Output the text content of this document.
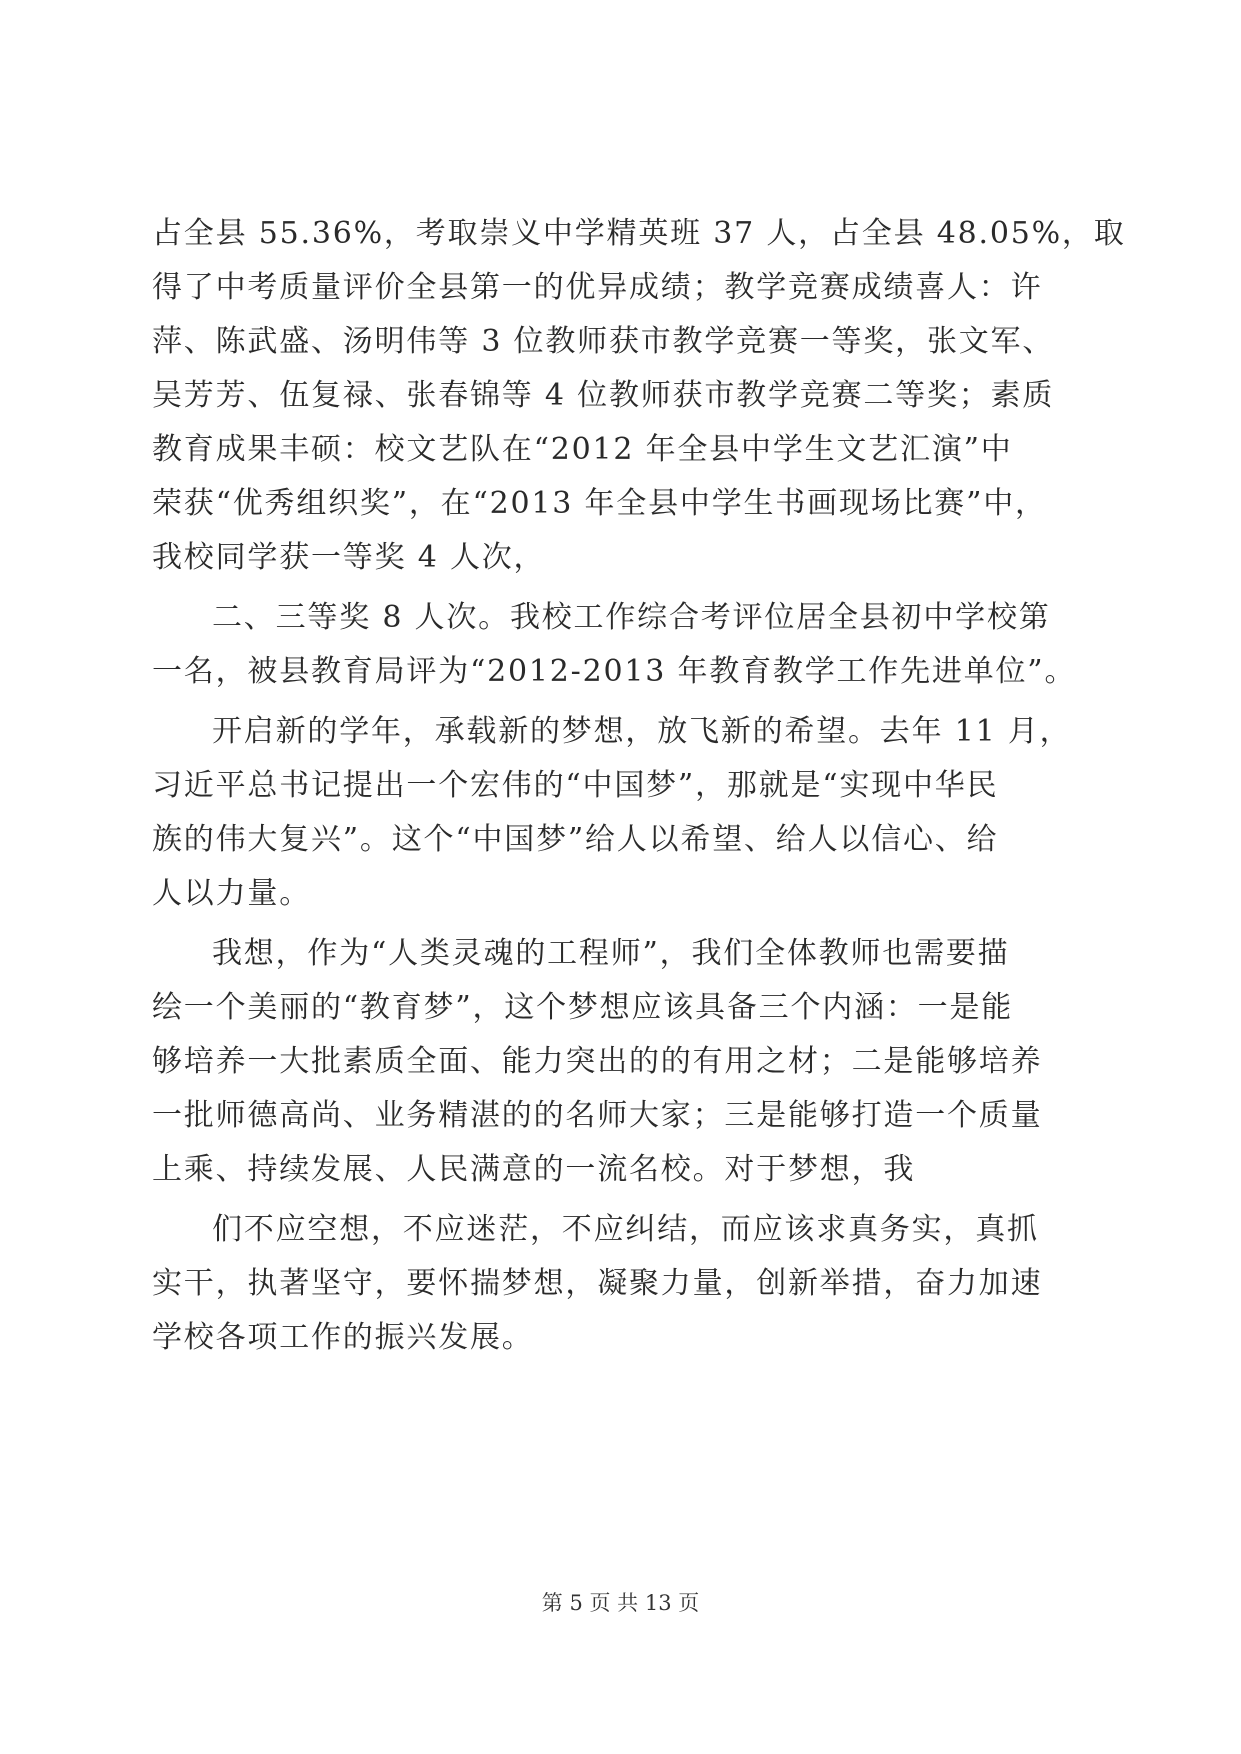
占全县 55.36%，考取崇义中学精英班 37 人，占全县 48.05%，取
得了中考质量评价全县第一的优异成绩；教学竞赛成绩喜人：许
萍、陈武盛、汤明伟等 3 位教师获市教学竞赛一等奖，张文军、
吴芳芳、伍复禄、张春锦等 4 位教师获市教学竞赛二等奖；素质
教育成果丰硕：校文艺队在“2012 年全县中学生文艺汇演”中
荣获“优秀组织奖”，在“2013 年全县中学生书画现场比赛”中，
我校同学获一等奖 4 人次，
二、三等奖 8 人次。我校工作综合考评位居全县初中学校第
一名，被县教育局评为“2012-2013 年教育教学工作先进单位”。
开启新的学年，承载新的梦想，放飞新的希望。去年 11 月，
习近平总书记提出一个宏伟的“中国梦”，那就是“实现中华民
族的伟大复兴”。这个“中国梦”给人以希望、给人以信心、给
人以力量。
我想，作为“人类灵魂的工程师”，我们全体教师也需要描
绘一个美丽的“教育梦”，这个梦想应该具备三个内涵：一是能
够培养一大批素质全面、能力突出的的有用之材；二是能够培养
一批师德高尚、业务精湛的的名师大家；三是能够打造一个质量
上乘、持续发展、人民满意的一流名校。对于梦想，我
们不应空想，不应迷茫，不应纠结，而应该求真务实，真抓
实干，执著坚守，要怀揣梦想，凝聚力量，创新举措，奋力加速
学校各项工作的振兴发展。
第 5 页 共 13 页
